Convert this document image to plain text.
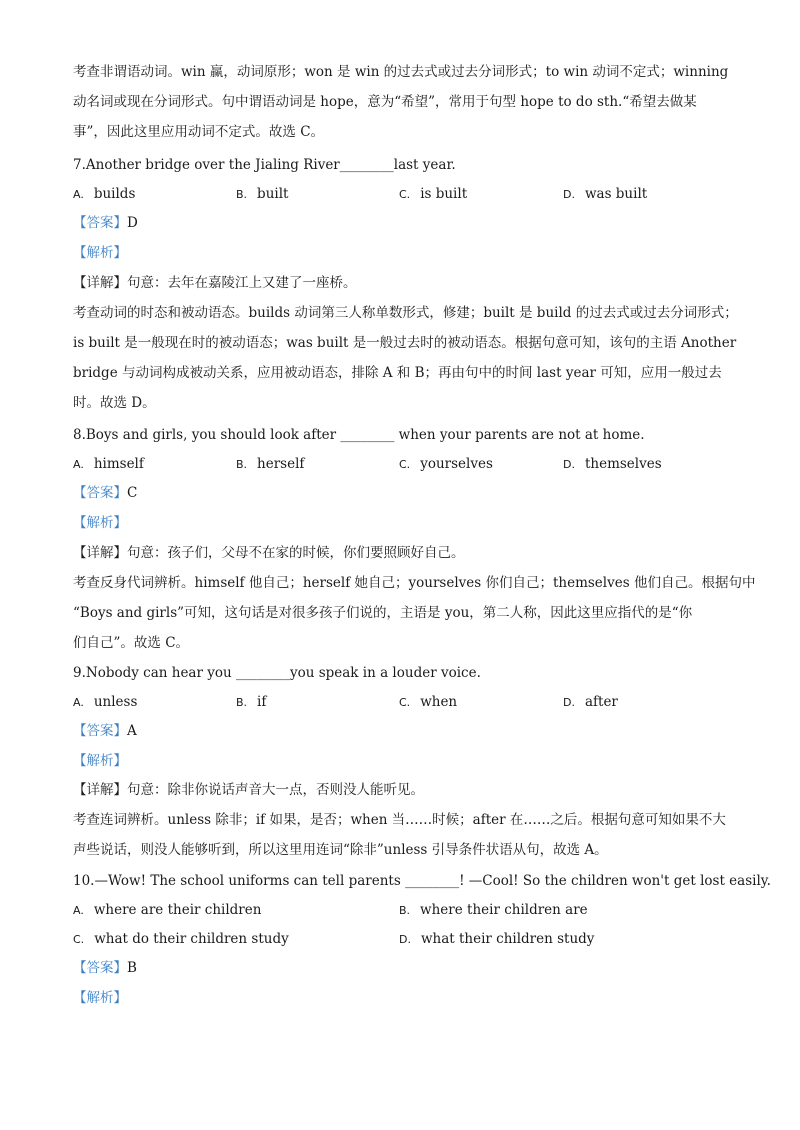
考查非谓语动词。win 赢，动词原形；won 是 win 的过去式或过去分词形式；to win 动词不定式；winning
动名词或现在分词形式。句中谓语动词是 hope，意为“希望”，常用于句型 hope to do sth.“希望去做某
事”，因此这里应用动词不定式。故选 C。
7.Another bridge over the Jialing River________last year.
A. builds	B. built	C. is built	D. was built
【答案】D
【解析】
【详解】句意：去年在嘉陵江上又建了一座桥。
考查动词的时态和被动语态。builds 动词第三人称单数形式，修建；built 是 build 的过去式或过去分词形式；
is built 是一般现在时的被动语态；was built 是一般过去时的被动语态。根据句意可知，该句的主语 Another
bridge 与动词构成被动关系，应用被动语态，排除 A 和 B；再由句中的时间 last year 可知，应用一般过去
时。故选 D。
8.Boys and girls, you should look after ________ when your parents are not at home.
A. himself	B. herself	C. yourselves	D. themselves
【答案】C
【解析】
【详解】句意：孩子们，父母不在家的时候，你们要照顾好自己。
考查反身代词辨析。himself 他自己；herself 她自己；yourselves 你们自己；themselves 他们自己。根据句中
“Boys and girls”可知，这句话是对很多孩子们说的，主语是 you，第二人称，因此这里应指代的是“你
们自己”。故选 C。
9.Nobody can hear you ________you speak in a louder voice.
A. unless	B. if	C. when	D. after
【答案】A
【解析】
【详解】句意：除非你说话声音大一点，否则没人能听见。
考查连词辨析。unless 除非；if 如果，是否；when 当……时候；after 在……之后。根据句意可知如果不大
声些说话，则没人能够听到，所以这里用连词“除非”unless 引导条件状语从句，故选 A。
10.—Wow! The school uniforms can tell parents ________! —Cool! So the children won't get lost easily.
A. where are their children	B. where their children are
C. what do their children study	D. what their children study
【答案】B
【解析】
